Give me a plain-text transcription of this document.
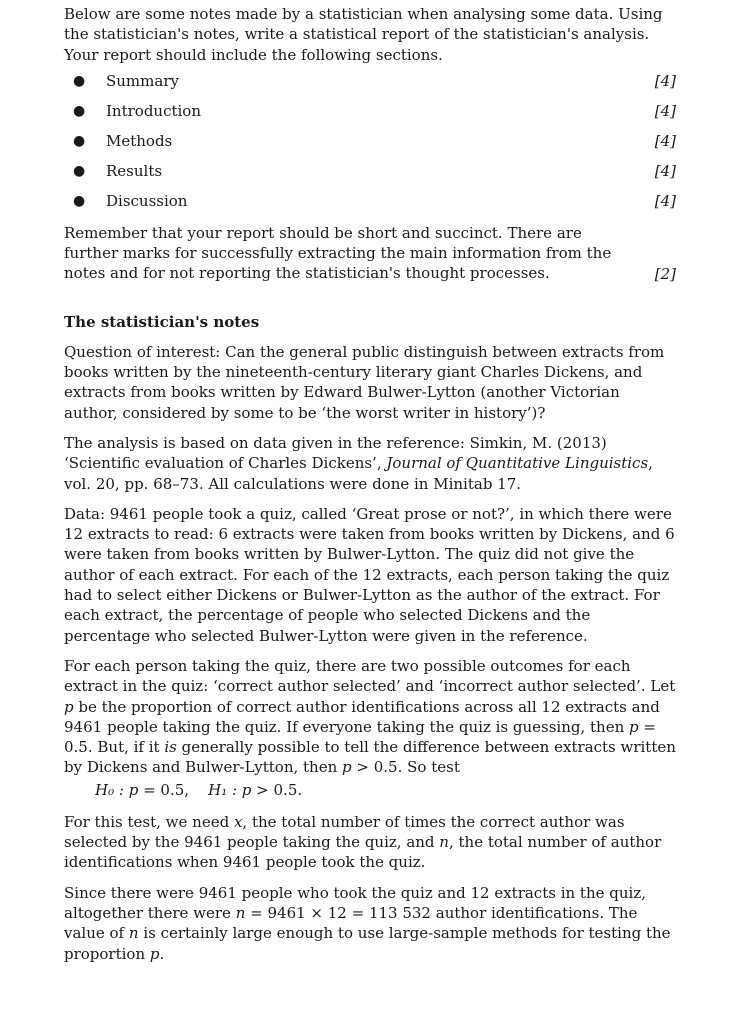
Below are some notes made by a statistician when analysing some data. Using the statistician's notes, write a statistical report of the statistician's analysis. Your report should include the following sections.

● Summary	[4]
● Introduction	[4]
● Methods	[4]
● Results	[4]
● Discussion	[4]

Remember that your report should be short and succinct. There are further marks for successfully extracting the main information from the notes and for not reporting the statistician's thought processes.	[2]
The statistician's notes

Question of interest: Can the general public distinguish between extracts from books written by the nineteenth-century literary giant Charles Dickens, and extracts from books written by Edward Bulwer-Lytton (another Victorian author, considered by some to be ‘the worst writer in history’)?

The analysis is based on data given in the reference: Simkin, M. (2013) ‘Scientific evaluation of Charles Dickens’, Journal of Quantitative Linguistics, vol. 20, pp. 68–73. All calculations were done in Minitab 17.

Data: 9461 people took a quiz, called ‘Great prose or not?’, in which there were 12 extracts to read: 6 extracts were taken from books written by Dickens, and 6 were taken from books written by Bulwer-Lytton. The quiz did not give the author of each extract. For each of the 12 extracts, each person taking the quiz had to select either Dickens or Bulwer-Lytton as the author of the extract. For each extract, the percentage of people who selected Dickens and the percentage who selected Bulwer-Lytton were given in the reference.

For each person taking the quiz, there are two possible outcomes for each extract in the quiz: ‘correct author selected’ and ‘incorrect author selected’. Let p be the proportion of correct author identifications across all 12 extracts and 9461 people taking the quiz. If everyone taking the quiz is guessing, then p = 0.5. But, if it is generally possible to tell the difference between extracts written by Dickens and Bulwer-Lytton, then p > 0.5. So test

H₀ : p = 0.5, H₁ : p > 0.5.

For this test, we need x, the total number of times the correct author was selected by the 9461 people taking the quiz, and n, the total number of author identifications when 9461 people took the quiz.

Since there were 9461 people who took the quiz and 12 extracts in the quiz, altogether there were n = 9461 × 12 = 113 532 author identifications. The value of n is certainly large enough to use large-sample methods for testing the proportion p.
